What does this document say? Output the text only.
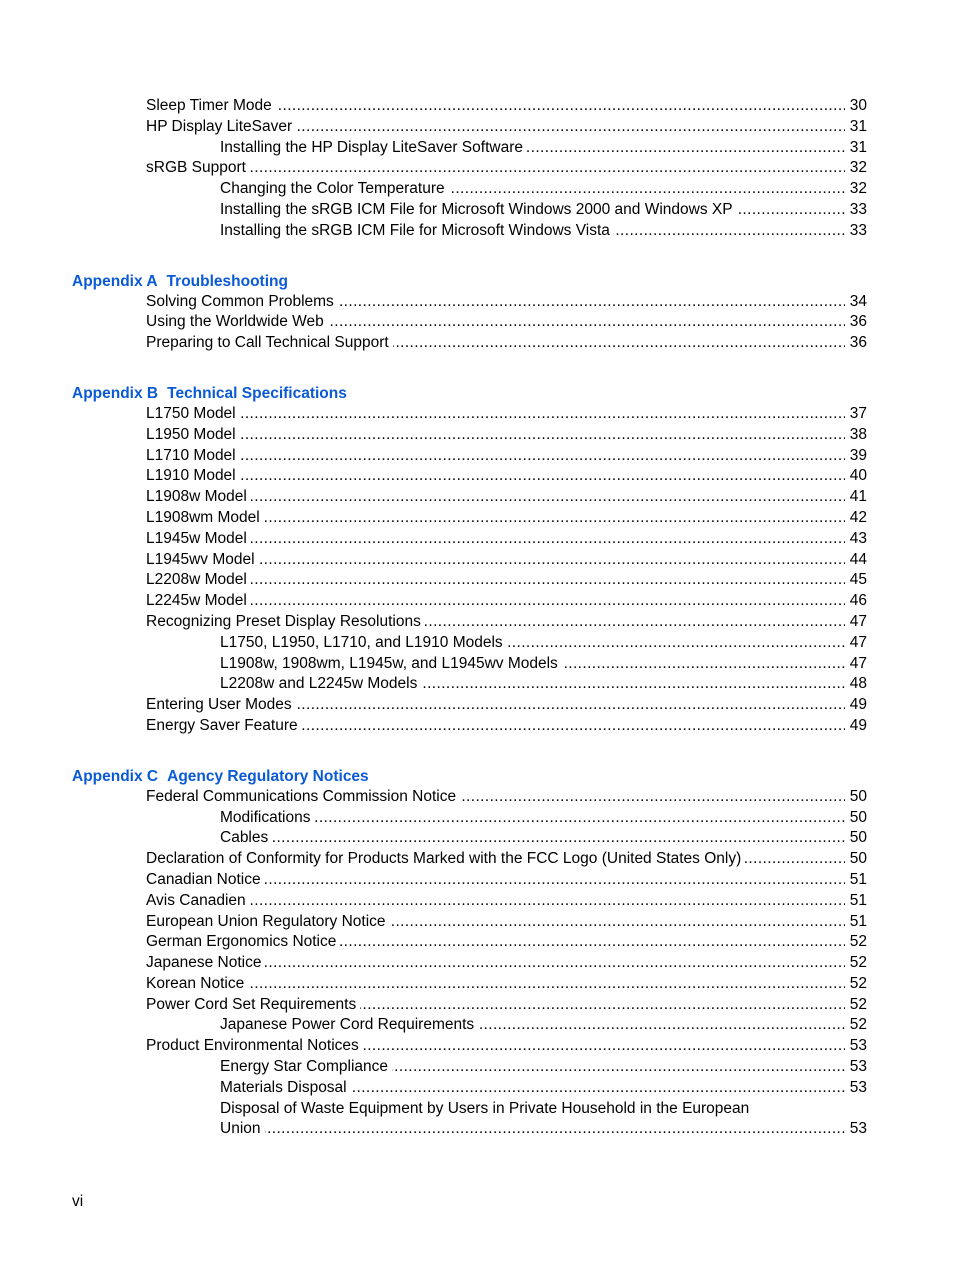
.....
Sleep Timer Mode	30
.....
HP Display LiteSaver	31
.....
Installing the HP Display LiteSaver Software	31
.....
sRGB Support	32
.....
Changing the Color Temperature	32
.....
Installing the sRGB ICM File for Microsoft Windows 2000 and Windows XP	33
.....
Installing the sRGB ICM File for Microsoft Windows Vista	33
Appendix A Troubleshooting
.....
Solving Common Problems	34
.....
Using the Worldwide Web	36
.....
Preparing to Call Technical Support	36
Appendix B Technical Specifications
.....
L1750 Model	37
.....
L1950 Model	38
.....
L1710 Model	39
.....
L1910 Model	40
.....
L1908w Model	41
.....
L1908wm Model	42
.....
L1945w Model	43
.....
L1945wv Model	44
.....
L2208w Model	45
.....
L2245w Model	46
.....
Recognizing Preset Display Resolutions	47
.....
L1750, L1950, L1710, and L1910 Models	47
.....
L1908w, 1908wm, L1945w, and L1945wv Models	47
.....
L2208w and L2245w Models	48
.....
Entering User Modes	49
.....
Energy Saver Feature	49
Appendix C Agency Regulatory Notices
.....
Federal Communications Commission Notice	50
.....
Modifications	50
.....
Cables	50
.....
Declaration of Conformity for Products Marked with the FCC Logo (United States Only)	50
.....
Canadian Notice	51
.....
Avis Canadien	51
.....
European Union Regulatory Notice	51
.....
German Ergonomics Notice	52
.....
Japanese Notice	52
.....
Korean Notice	52
.....
Power Cord Set Requirements	52
.....
Japanese Power Cord Requirements	52
.....
Product Environmental Notices	53
.....
Energy Star Compliance	53
.....
Materials Disposal	53
Disposal of Waste Equipment by Users in Private Household in the European
.....
Union	53
vi
